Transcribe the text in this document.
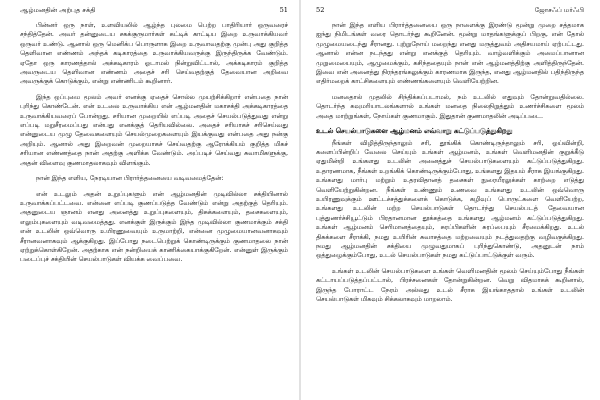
ஆழ்மனதின் அற்புத சக்தி	51

பின்னர் ஒரு நாள், உளவியலில் ஆழ்ந்த புலமை பெற்ற பாதிரியார் ஒருவரைச் சந்தித்தேன். அவர் தன்னுடைய சகக்குருமார்கள் கட்டிக் காட்டிய இறை உருவாக்கியவர் ஒருவர் உண்டு. ஆனால் ஒரு மெனிக்ப பொருளாக இறை உருவாவதற்கு முன்பு அது குறித்த தெளிவான எண்ணம் அந்தக் கடிகாரத்தை உருவாக்கியவருக்கு இருந்திருக்க வேண்டும். ஏதோ ஒரு காரணத்தால் அக்கடிகாரம் ஓடாமல் நின்றுவிட்டால், அக்கடிகாரம் குறித்த அவருடைய தெளிவான எண்ணம் அதைச் சரி செய்வதற்குத் தேவையான அறிவை அவருக்குக் கொடுக்கும், என்று எண்ணிடம் கூறினார்.

இந்த ஒப்புமை மூலம் அவர் எனக்கு ஏதைச் சொல்ல முயற்சிக்கிறார் என்பதை நான் புரிந்து கொண்டேன். என் உடலை உருவாக்கிய என் ஆழ்மனதின் மகாசக்தி அக்கடிகாரத்தை உருவாக்கியவரைப் போன்றது. சரியான முறையில் எப்படி அதைச் செயல்படுத்துவது என்று எப்படி மறுசீரமைப்பது என்பது எனக்குத் தெரியவில்லை. அதைச் சரியாகச் சரிசெய்வது என்னுடைய முழு தேவைகளையும் செயல்முறைகளையும் இயக்குவது என்பதை அது நன்கு அறியும். ஆனால் அது இறைவன் முறையாகச் செய்வதற்கு ஆரோக்கியம் குறித்த மிகச் சரியான எண்ணத்தை நான் அதற்கு அளிக்க வேண்டும். அப்படிச் செய்வது சுவாமிகளுக்கு, அதன் விளைவு குணமாதலாகவும் விளங்கும்.

நான் இந்த எளிய, நேரடியான பிரார்த்தனையை வடிவமைத்தேன்:

என் உடலும் அதன் உறுப்புகளும் என் ஆழ்மனதின் முடிவில்லா சக்தியினால் உருவாக்கப்பட்டவை. என்னை எப்படி குணப்படுத்த வேண்டும் என்று அதற்குத் தெரியும். அதனுடைய ஞானம் எனது அனைத்து உறுப்புகளையும், திசுக்களையும், தசைகளையும், எலும்புகளையும் வடிவமைத்தது. எனக்குள் இருக்கும் இந்த முடிவில்லா குணமாக்கும் சக்தி என் உடலின் ஒவ்வொரு உயிரணுவையும் உருமாற்றி, என்னை முழுமையானவனாகவும் சீரானவனாகவும் ஆக்குகிறது. இப்போது நடைபெற்றுக் கொண்டிருக்கும் குணமாதலை நான் ஏற்றுக்கொள்கிறேன். அதற்காக என் நன்றியைக் காணிக்கையாக்குகிறேன். என்னுள் இருக்கும் படைப்புச் சக்தியின் செயல்பாடுகள் வியக்க வைப்பவை.

52	ஜோசஃப் மர்ஃபி

நான் இந்த எளிய பிரார்த்தனையை ஒரு நாளைக்கு இரண்டு மூன்று முறை சத்தமாக ஐந்து நிமிடங்கள் வரை தொடர்ந்து கூறினேன். மூன்று மாதங்களுக்குப் பிறகு, என் தோல் முழுமையடைந்து சீரானது. புற்றுநோய் மறைந்து எனது மருத்துவம் அதிசயமாய் ஏற்பட்டது. ஆனால் என்ன நடந்தது என்று எனக்குத் தெரியும். வாழ்வளிக்கும் அமைப்பானான முறுமையையும், ஆழுமைக்கும், கசிந்ததையும் நான் என் ஆழ்மனத்திற்கு அளித்திருந்தேன். இவை என் அனைத்து நிரந்தரங்கலுக்கும் காரணமாக இருந்த, எனது ஆழ்மனதில் பதிந்திருந்த எதிர்மறைக் காட்சிகளையும் எண்ணங்களையும் வெளியேற்றின.

மனதைால் முதலில் சிந்திக்கப்படாமல், நம் உடலில் எதுவும் தோன்றுவதில்லை. தொடர்ந்த கவுமரியாடலங்களால் உங்கள் மனதை நிலைநிறுத்தும் உணர்ச்சிகளை மூலம் அதை மாற்றுங்கள், நோய்கள் குணமாகும். இதுதான் குணமாதலின் அடிப்படை.

உடல் செயல்பாடுகளை ஆழ்மனம் எவ்வாறு கட்டுப்படுத்துகிறது

நீங்கள் விழித்திருந்தாலும் சரி, தூங்கிக் கொண்டிருந்தாலும் சரி, ஓய்வின்றி, களைப்பின்றிப் வேலை செய்யும் உங்கள் ஆழ்மனம், உங்கள் வெளிமனதின் குறுக்கீடு ஏதுமின்றி உங்களது உடலின் அனைத்துச் செயல்பாடுகளையும் கட்டுப்படுத்துகிறது. உதாரணமாக, நீங்கள் உறங்கிக் கொண்டிருக்கும்போது, உங்களது இதயம் சீராக இயங்குகிறது. உங்களது மார்பு மற்றும் உதரவிதானத் தசைகள் நுரையீரலுக்கள் காற்றை எடுத்து வெளியேற்றுகின்றன. நீங்கள் உண்ணும் உணவை உங்களது உடலின் ஒவ்வொரு உயிரணுவுக்கும் ஊட்டச்சத்துக்களைக் கொடுக்க, கழிவுப் பொருட்களை வெளியேற்ற, உங்களது உடலின் மற்ற செயல்பாடுகள் தொடர்ந்து செயல்படத் தேவையான புத்துணர்ச்சியூட்டும் பிரதானமான தூக்கத்தை உங்களது ஆழ்மனம் கட்டுப்படுத்துகிறது. உங்கள் ஆழ்மனம் செரிமானத்தையும், சுரப்பிகளின் சுரப்பையும் சீரமைக்கிறது. உடல் திசுக்களை சீராக்கி, நமது உயிரின் சுவாசத்தை மற்றவையும் நடத்துவதற்கு வழிவகுக்கிறது. நமது ஆழ்மனதின் சக்தியை முழுவதுமாகப் புரிந்துகொண்டு, அதனுடன் நாம் ஒத்துழைக்கும்போது, உடல் செயல்பாடுகள் நமது கட்டுப்பாட்டுக்குள் வரும்.

உங்கள் உடலின் செயல்பாடுகளை உங்கள் வெளிமனதின் மூலம் செய்யும்போது நீங்கள் கட்டாயப்படுத்தப்பட்டால், பிரச்சனைகள் தோன்றுகின்றன. வெறு விதமாகக் கூறினால், இருந்த போராட்ட நேரம் அல்லது உடல் சீராக இயங்காததால் உங்கள் உடலின் செயல்பாடுகள் மிகவும் சிக்கலாகவும் மாறலாம்.
